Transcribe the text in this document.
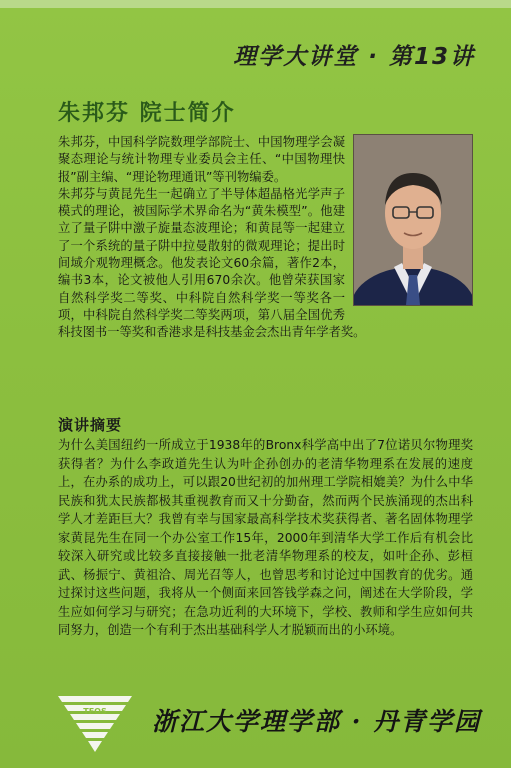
理学大讲堂 · 第13讲
朱邦芬 院士简介

朱邦芬，中国科学院数理学部院士、中国物理学会凝聚态理论与统计物理专业委员会主任、“中国物理快报”副主编、“理论物理通讯”等刊物编委。

朱邦芬与黄昆先生一起确立了半导体超晶格光学声子模式的理论，被国际学术界命名为“黄朱模型”。他建立了量子阱中激子旋量态波理论；和黄昆等一起建立了一个系统的量子阱中拉曼散射的微观理论；提出时间域介观物理概念。他发表论文60余篇，著作2本，编书3本，论文被他人引用670余次。他曾荣获国家自然科学奖二等奖、中科院自然科学奖一等奖各一项，中科院自然科学奖二等奖两项，第八届全国优秀科技图书一等奖和香港求是科技基金会杰出青年学者奖。

演讲摘要

为什么美国纽约一所成立于1938年的Bronx科学高中出了7位诺贝尔物理奖获得者？为什么李政道先生认为叶企孙创办的老清华物理系在发展的速度上，在办系的成功上，可以跟20世纪初的加州理工学院相媲美？为什么中华民族和犹太民族都极其重视教育而又十分勤奋，然而两个民族涌现的杰出科学人才差距巨大？我曾有幸与国家最高科学技术奖获得者、著名固体物理学家黄昆先生在同一个办公室工作15年，2000年到清华大学工作后有机会比较深入研究或比较多直接接触一批老清华物理系的校友，如叶企孙、彭桓武、杨振宁、黄祖洽、周光召等人，也曾思考和讨论过中国教育的优劣。通过探讨这些问题，我将从一个侧面来回答钱学森之问，阐述在大学阶段，学生应如何学习与研究；在急功近利的大环境下，学校、教师和学生应如何共同努力，创造一个有利于杰出基础科学人才脱颖而出的小环境。

TFOS 浙江大学理学部 · 丹青学园
